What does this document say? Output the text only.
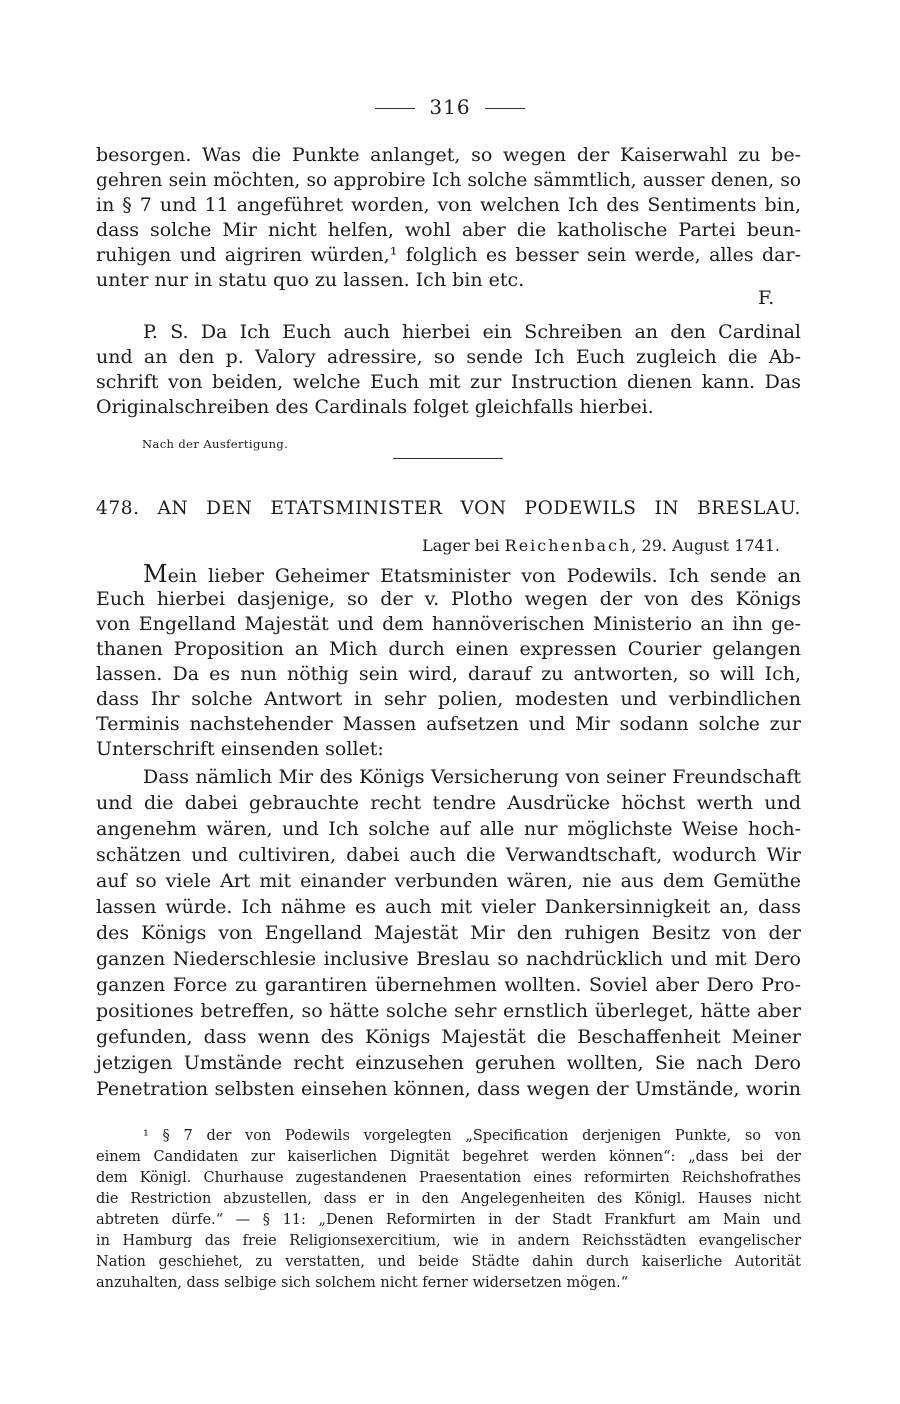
316
besorgen. Was die Punkte anlanget, so wegen der Kaiserwahl zu be-
gehren sein möchten, so approbire Ich solche sämmtlich, ausser denen, so
in § 7 und 11 angeführet worden, von welchen Ich des Sentiments bin,
dass solche Mir nicht helfen, wohl aber die katholische Partei beun-
ruhigen und aigriren würden,¹ folglich es besser sein werde, alles dar-
unter nur in statu quo zu lassen. Ich bin etc.
F.
P. S. Da Ich Euch auch hierbei ein Schreiben an den Cardinal
und an den p. Valory adressire, so sende Ich Euch zugleich die Ab-
schrift von beiden, welche Euch mit zur Instruction dienen kann. Das
Originalschreiben des Cardinals folget gleichfalls hierbei.
Nach der Ausfertigung.
478. AN DEN ETATSMINISTER VON PODEWILS IN BRESLAU.
Lager bei Reichenbach, 29. August 1741.
Mein lieber Geheimer Etatsminister von Podewils. Ich sende an
Euch hierbei dasjenige, so der v. Plotho wegen der von des Königs
von Engelland Majestät und dem hannöverischen Ministerio an ihn ge-
thanen Proposition an Mich durch einen expressen Courier gelangen
lassen. Da es nun nöthig sein wird, darauf zu antworten, so will Ich,
dass Ihr solche Antwort in sehr polien, modesten und verbindlichen
Terminis nachstehender Massen aufsetzen und Mir sodann solche zur
Unterschrift einsenden sollet:
Dass nämlich Mir des Königs Versicherung von seiner Freundschaft
und die dabei gebrauchte recht tendre Ausdrücke höchst werth und
angenehm wären, und Ich solche auf alle nur möglichste Weise hoch-
schätzen und cultiviren, dabei auch die Verwandtschaft, wodurch Wir
auf so viele Art mit einander verbunden wären, nie aus dem Gemüthe
lassen würde. Ich nähme es auch mit vieler Dankersinnigkeit an, dass
des Königs von Engelland Majestät Mir den ruhigen Besitz von der
ganzen Niederschlesie inclusive Breslau so nachdrücklich und mit Dero
ganzen Force zu garantiren übernehmen wollten. Soviel aber Dero Pro-
positiones betreffen, so hätte solche sehr ernstlich überleget, hätte aber
gefunden, dass wenn des Königs Majestät die Beschaffenheit Meiner
jetzigen Umstände recht einzusehen geruhen wollten, Sie nach Dero
Penetration selbsten einsehen können, dass wegen der Umstände, worin
¹ § 7 der von Podewils vorgelegten „Specification derjenigen Punkte, so von
einem Candidaten zur kaiserlichen Dignität begehret werden können“: „dass bei der
dem Königl. Churhause zugestandenen Praesentation eines reformirten Reichshofrathes
die Restriction abzustellen, dass er in den Angelegenheiten des Königl. Hauses nicht
abtreten dürfe.“ — § 11: „Denen Reformirten in der Stadt Frankfurt am Main und
in Hamburg das freie Religionsexercitium, wie in andern Reichsstädten evangelischer
Nation geschiehet, zu verstatten, und beide Städte dahin durch kaiserliche Autorität
anzuhalten, dass selbige sich solchem nicht ferner widersetzen mögen.“
